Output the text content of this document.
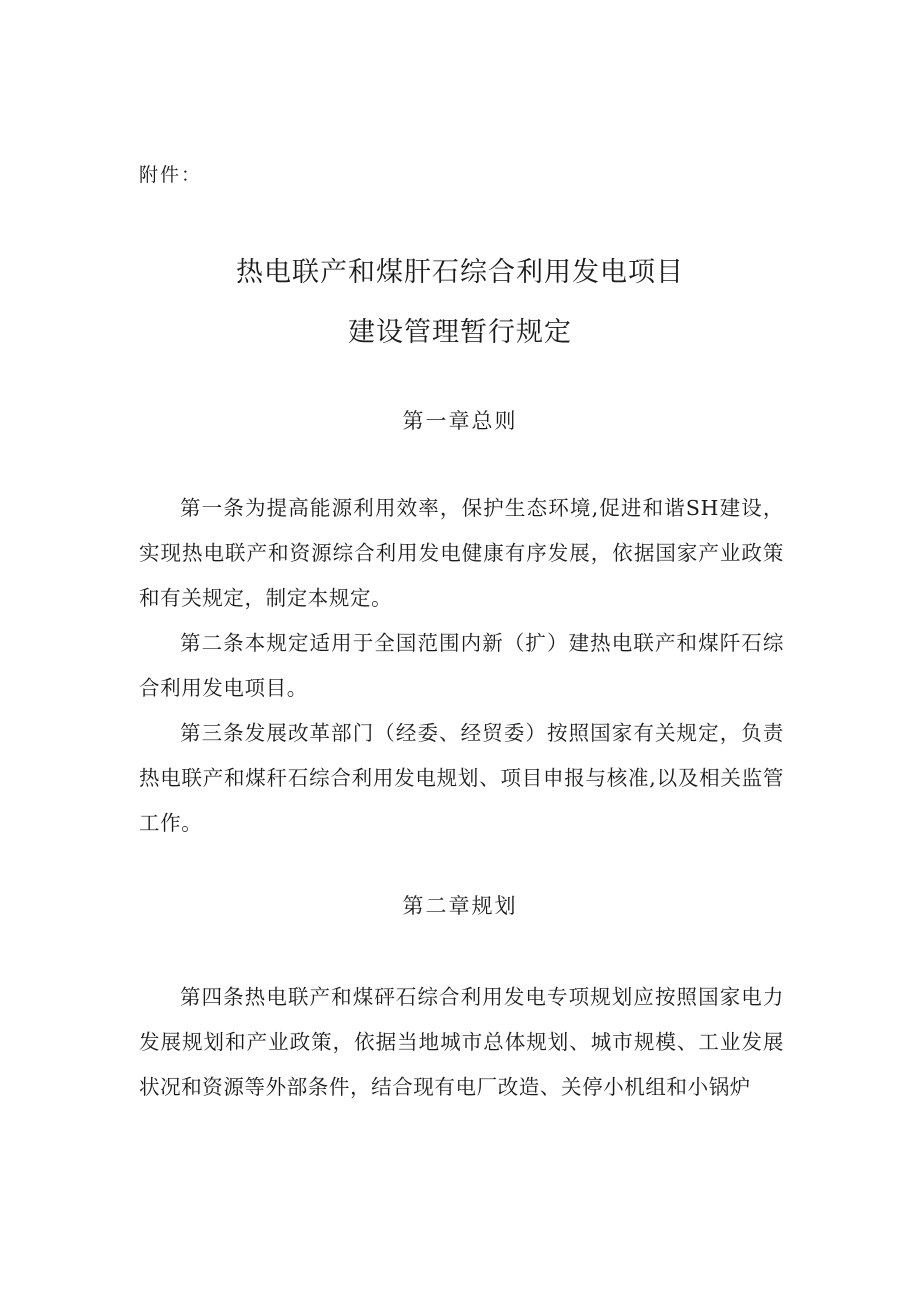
附件：
热电联产和煤肝石综合利用发电项目
建设管理暂行规定
第一章总则

第一条为提高能源利用效率，保护生态环境,促进和谐SH建设，实现热电联产和资源综合利用发电健康有序发展，依据国家产业政策和有关规定，制定本规定。

第二条本规定适用于全国范围内新（扩）建热电联产和煤阡石综合利用发电项目。

第三条发展改革部门（经委、经贸委）按照国家有关规定，负责热电联产和煤秆石综合利用发电规划、项目申报与核准,以及相关监管工作。

第二章规划

第四条热电联产和煤砰石综合利用发电专项规划应按照国家电力发展规划和产业政策，依据当地城市总体规划、城市规模、工业发展状况和资源等外部条件，结合现有电厂改造、关停小机组和小锅炉
